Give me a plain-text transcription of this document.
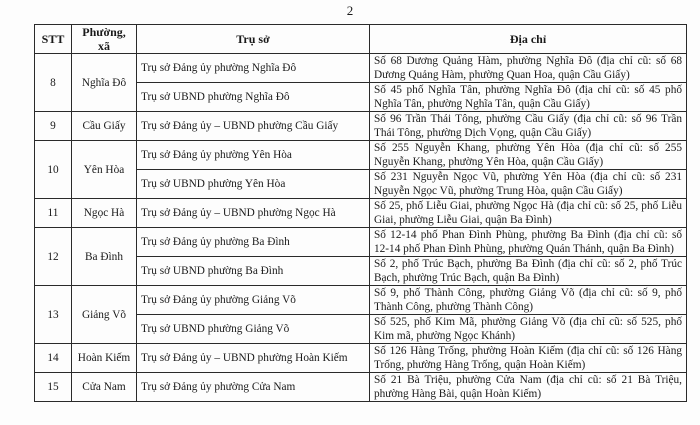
2
STT	Phường, xã	Trụ sở	Địa chỉ
8	Nghĩa Đô	Trụ sở Đảng ủy phường Nghĩa Đô	Số 68 Dương Quảng Hàm, phường Nghĩa Đô (địa chỉ cũ: số 68 Dương Quảng Hàm, phường Quan Hoa, quận Cầu Giấy)
		Trụ sở UBND phường Nghĩa Đô	Số 45 phố Nghĩa Tân, phường Nghĩa Đô (địa chỉ cũ: số 45 phố Nghĩa Tân, phường Nghĩa Tân, quận Cầu Giấy)
9	Cầu Giấy	Trụ sở Đảng ủy – UBND phường Cầu Giấy	Số 96 Trần Thái Tông, phường Cầu Giấy (địa chỉ cũ: số 96 Trần Thái Tông, phường Dịch Vọng, quận Cầu Giấy)
10	Yên Hòa	Trụ sở Đảng ủy phường Yên Hòa	Số 255 Nguyễn Khang, phường Yên Hòa (địa chỉ cũ: số 255 Nguyễn Khang, phường Yên Hòa, quận Cầu Giấy)
		Trụ sở UBND phường Yên Hòa	Số 231 Nguyễn Ngọc Vũ, phường Yên Hòa (địa chỉ cũ: số 231 Nguyễn Ngọc Vũ, phường Trung Hòa, quận Cầu Giấy)
11	Ngọc Hà	Trụ sở Đảng ủy – UBND phường Ngọc Hà	Số 25, phố Liễu Giai, phường Ngọc Hà (địa chỉ cũ: số 25, phố Liễu Giai, phường Liễu Giai, quận Ba Đình)
12	Ba Đình	Trụ sở Đảng ủy phường Ba Đình	Số 12-14 phố Phan Đình Phùng, phường Ba Đình (địa chỉ cũ: số 12-14 phố Phan Đình Phùng, phường Quán Thánh, quận Ba Đình)
		Trụ sở UBND phường Ba Đình	Số 2, phố Trúc Bạch, phường Ba Đình (địa chỉ cũ: số 2, phố Trúc Bạch, phường Trúc Bạch, quận Ba Đình)
13	Giảng Võ	Trụ sở Đảng ủy phường Giảng Võ	Số 9, phố Thành Công, phường Giảng Võ (địa chỉ cũ: số 9, phố Thành Công, phường Thành Công)
		Trụ sở UBND phường Giảng Võ	Số 525, phố Kim Mã, phường Giảng Võ (địa chỉ cũ: số 525, phố Kim mã, phường Ngọc Khánh)
14	Hoàn Kiếm	Trụ sở Đảng ủy – UBND phường Hoàn Kiếm	Số 126 Hàng Trống, phường Hoàn Kiếm (địa chỉ cũ: số 126 Hàng Trống, phường Hàng Trống, quận Hoàn Kiếm)
15	Cửa Nam	Trụ sở Đảng ủy phường Cửa Nam	Số 21 Bà Triệu, phường Cửa Nam (địa chỉ cũ: số 21 Bà Triệu, phường Hàng Bài, quận Hoàn Kiếm)
